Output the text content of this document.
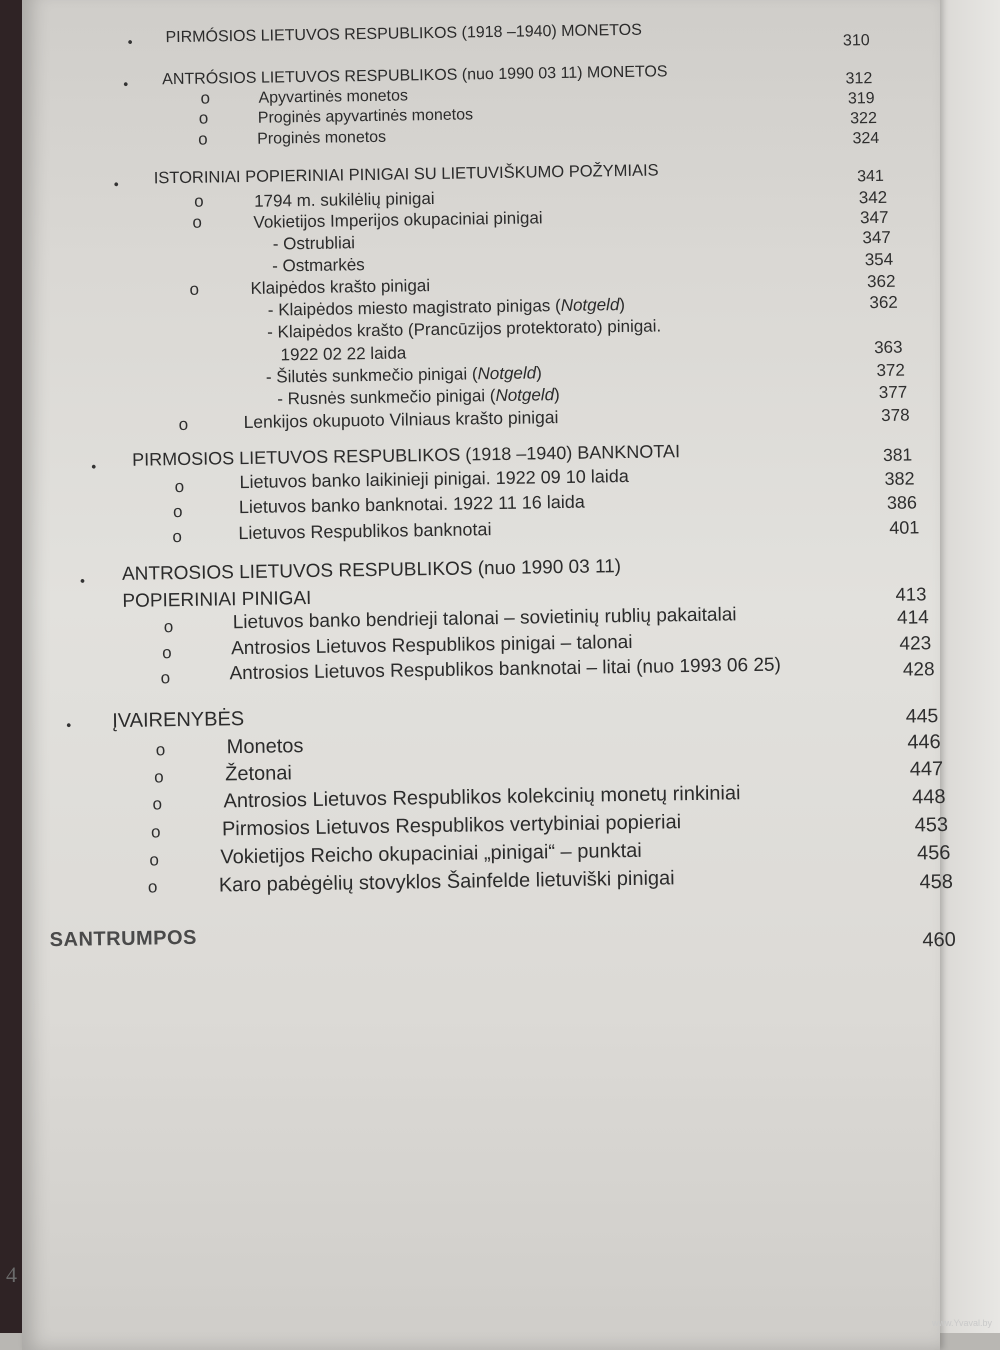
• PIRMÓSIOS LIETUVOS RESPUBLIKOS (1918 –1940) MONETOS	310
• ANTRÓSIOS LIETUVOS RESPUBLIKOS (nuo 1990 03 11) MONETOS	312
o	Apyvartinės monetos	319
o	Proginės apyvartinės monetos	322
o	Proginės monetos	324
• ISTORINIAI POPIERINIAI PINIGAI SU LIETUVIŠKUMO POŽYMIAIS	341
o	1794 m. sukilėlių pinigai	342
o	Vokietijos Imperijos okupaciniai pinigai	347
- Ostrubliai	347
- Ostmarkės	354
o	Klaipėdos krašto pinigai	362
- Klaipėdos miesto magistrato pinigas (Notgeld)	362
- Klaipėdos krašto (Prancūzijos protektorato) pinigai.
1922 02 22 laida	363
- Šilutės sunkmečio pinigai (Notgeld)	372
- Rusnės sunkmečio pinigai (Notgeld)	377
o	Lenkijos okupuoto Vilniaus krašto pinigai	378
• PIRMOSIOS LIETUVOS RESPUBLIKOS (1918 –1940) BANKNOTAI	381
o	Lietuvos banko laikinieji pinigai. 1922 09 10 laida	382
o	Lietuvos banko banknotai. 1922 11 16 laida	386
o	Lietuvos Respublikos banknotai	401
• ANTROSIOS LIETUVOS RESPUBLIKOS (nuo 1990 03 11)
POPIERINIAI PINIGAI	413
o	Lietuvos banko bendrieji talonai – sovietinių rublių pakaitalai	414
o	Antrosios Lietuvos Respublikos pinigai – talonai	423
o	Antrosios Lietuvos Respublikos banknotai – litai (nuo 1993 06 25)	428
• ĮVAIRENYBĖS	445
o	Monetos	446
o	Žetonai	447
o	Antrosios Lietuvos Respublikos kolekcinių monetų rinkiniai	448
o	Pirmosios Lietuvos Respublikos vertybiniai popieriai	453
o	Vokietijos Reicho okupaciniai „pinigai“ – punktai	456
o	Karo pabėgėlių stovyklos Šainfelde lietuviški pinigai	458
SANTRUMPOS	460
4
www.Yvaval.by
